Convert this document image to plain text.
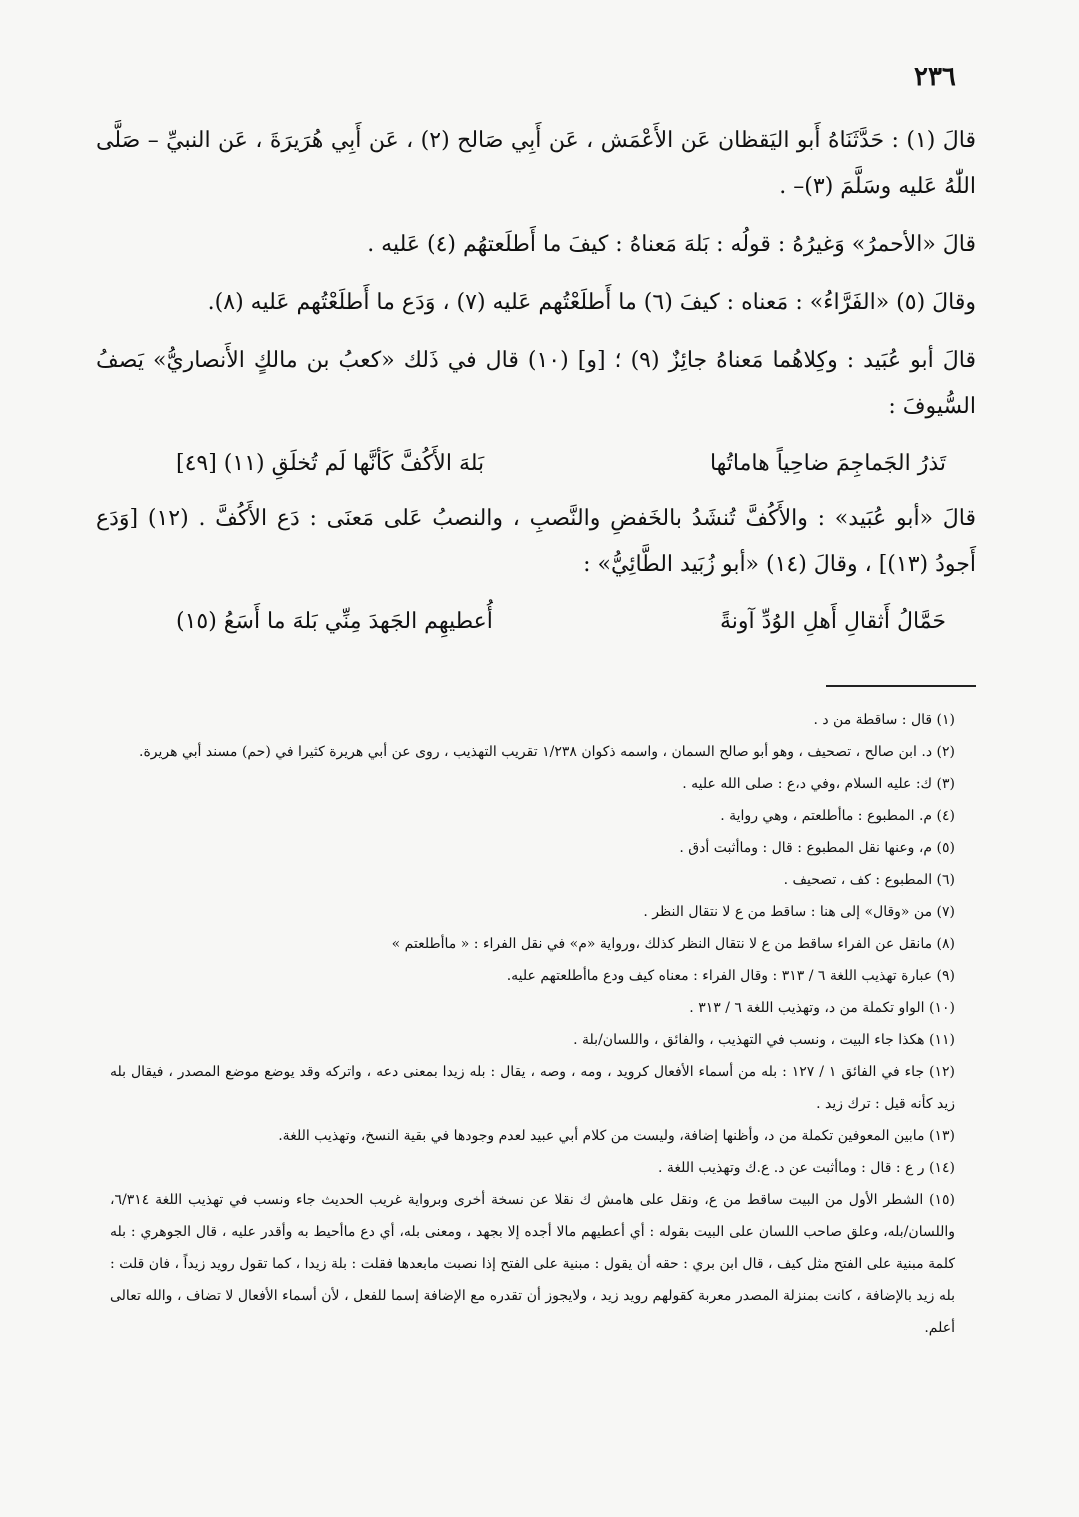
٢٣٦

قالَ (١) : حَدَّثَنَاهُ أَبو اليَقظان عَن الأَعْمَش ، عَن أَبِي صَالح (٢) ، عَن أَبِي هُرَيرَةَ ، عَن النبيِّ – صَلَّى اللّٰهُ عَليه وسَلَّمَ (٣)– .

قالَ «الأحمرُ» وَغيرُهُ : قولُه : بَلهَ مَعناهُ : كيفَ ما أَطلَعتهُم (٤) عَليه .

وقالَ (٥) «الفَرَّاءُ» : مَعناه : كيفَ (٦) ما أَطلَعْتُهم عَليه (٧) ، وَدَع ما أَطلَعْتُهم عَليه (٨).

قالَ أبو عُبَيد : وكِلاهُما مَعناهُ جائِزٌ (٩) ؛ [و] (١٠) قال في ذَلك «كعبُ بن مالكٍ الأَنصاريُّ» يَصفُ السُّيوفَ :

تَذرُ الجَماجِمَ ضاحِياً هاماتُها
بَلهَ الأَكُفَّ كَأنَّها لَم تُخلَقِ (١١) [٤٩]

قالَ «أبو عُبَيد» : والأَكُفَّ تُنشَدُ بالخَفضِ والنَّصبِ ، والنصبُ عَلى مَعنَى : دَع الأَكُفَّ . (١٢) [وَدَع أَجودُ (١٣)] ، وقالَ (١٤) «أبو زُبَيد الطَّائِيُّ» :

حَمَّالُ أَثقالِ أَهلِ الوُدِّ آونةً
أُعطيهِم الجَهدَ مِنِّي بَلهَ ما أَسَعُ (١٥)

(١) قال : ساقطة من د .

(٢) د. ابن صالح ، تصحيف ، وهو أبو صالح السمان ، واسمه ذكوان ١/٢٣٨ تقريب التهذيب ، روى عن أبي هريرة كثيرا في (حم) مسند أبي هريرة.

(٣) ك: عليه السلام ،وفي د،ع : صلى الله عليه .

(٤) م. المطبوع : ماأطلعتم ، وهي رواية .

(٥) م، وعنها نقل المطبوع : قال : وماأثبت أدق .

(٦) المطبوع : كف ، تصحيف .

(٧) من «وقال» إلى هنا : ساقط من ع لا نتقال النظر .

(٨) مانقل عن الفراء ساقط من ع لا نتقال النظر كذلك ،ورواية «م» في نقل الفراء : « ماأطلعتم »

(٩) عبارة تهذيب اللغة ٦ / ٣١٣ : وقال الفراء : معناه كيف ودع ماأطلعتهم عليه.

(١٠) الواو تكملة من د، وتهذيب اللغة ٦ / ٣١٣ .

(١١) هكذا جاء البيت ، ونسب في التهذيب ، والفائق ، واللسان/بلة .

(١٢) جاء في الفائق ١ / ١٢٧ : بله من أسماء الأفعال كرويد ، ومه ، وصه ، يقال : بله زيدا بمعنى دعه ، واتركه وقد يوضع موضع المصدر ، فيقال بله زيد كأنه قيل : ترك زيد .

(١٣) مابين المعوفين تكملة من د، وأظنها إضافة، وليست من كلام أبي عبيد لعدم وجودها في بقية النسخ، وتهذيب اللغة.

(١٤) ر ع : قال : وماأثبت عن د. ع.ك وتهذيب اللغة .

(١٥) الشطر الأول من البيت ساقط من ع، ونقل على هامش ك نقلا عن نسخة أخرى وبرواية غريب الحديث جاء ونسب في تهذيب اللغة ٦/٣١٤، واللسان/بله، وعلق صاحب اللسان على البيت بقوله : أي أعطيهم مالا أجده إلا بجهد ، ومعنى بله، أي دع ماأحيط به وأقدر عليه ، قال الجوهري : بله كلمة مبنية على الفتح مثل كيف ، قال ابن بري : حقه أن يقول : مبنية على الفتح إذا نصبت مابعدها فقلت : بلة زيدا ، كما تقول رويد زيداً ، فان قلت : بله زيد بالإضافة ، كانت بمنزلة المصدر معربة كقولهم رويد زيد ، ولايجوز أن تقدره مع الإضافة إسما للفعل ، لأن أسماء الأفعال لا تضاف ، والله تعالى أعلم.
